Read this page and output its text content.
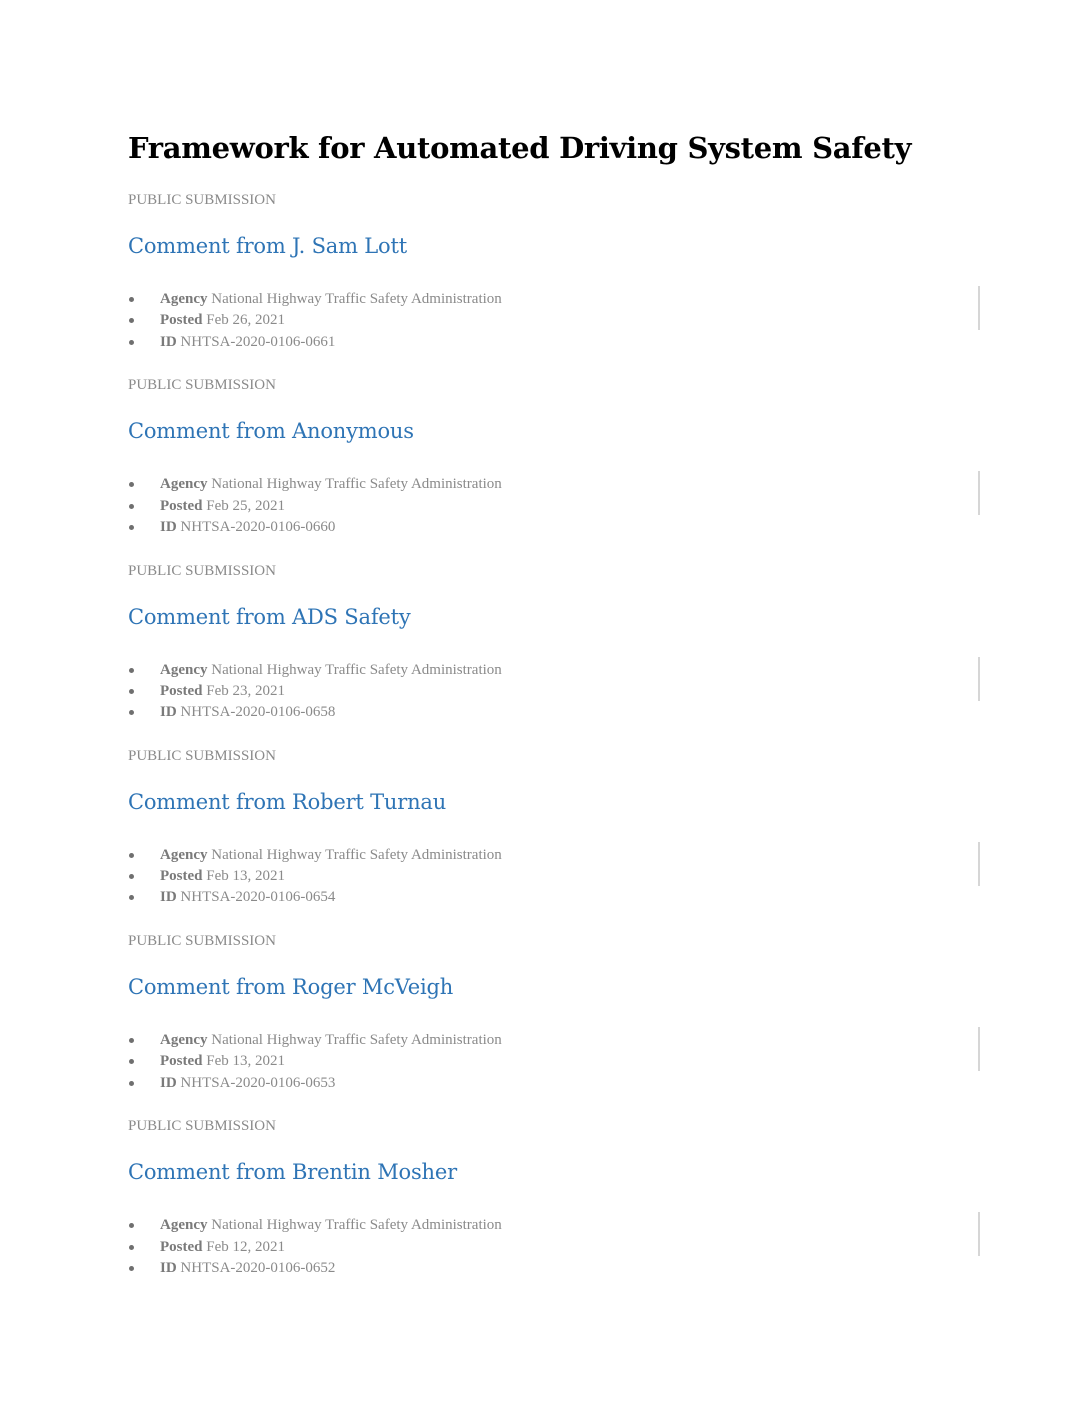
Framework for Automated Driving System Safety
PUBLIC SUBMISSION
Comment from J. Sam Lott
Agency National Highway Traffic Safety Administration
Posted Feb 26, 2021
ID NHTSA-2020-0106-0661
PUBLIC SUBMISSION
Comment from Anonymous
Agency National Highway Traffic Safety Administration
Posted Feb 25, 2021
ID NHTSA-2020-0106-0660
PUBLIC SUBMISSION
Comment from ADS Safety
Agency National Highway Traffic Safety Administration
Posted Feb 23, 2021
ID NHTSA-2020-0106-0658
PUBLIC SUBMISSION
Comment from Robert Turnau
Agency National Highway Traffic Safety Administration
Posted Feb 13, 2021
ID NHTSA-2020-0106-0654
PUBLIC SUBMISSION
Comment from Roger McVeigh
Agency National Highway Traffic Safety Administration
Posted Feb 13, 2021
ID NHTSA-2020-0106-0653
PUBLIC SUBMISSION
Comment from Brentin Mosher
Agency National Highway Traffic Safety Administration
Posted Feb 12, 2021
ID NHTSA-2020-0106-0652
